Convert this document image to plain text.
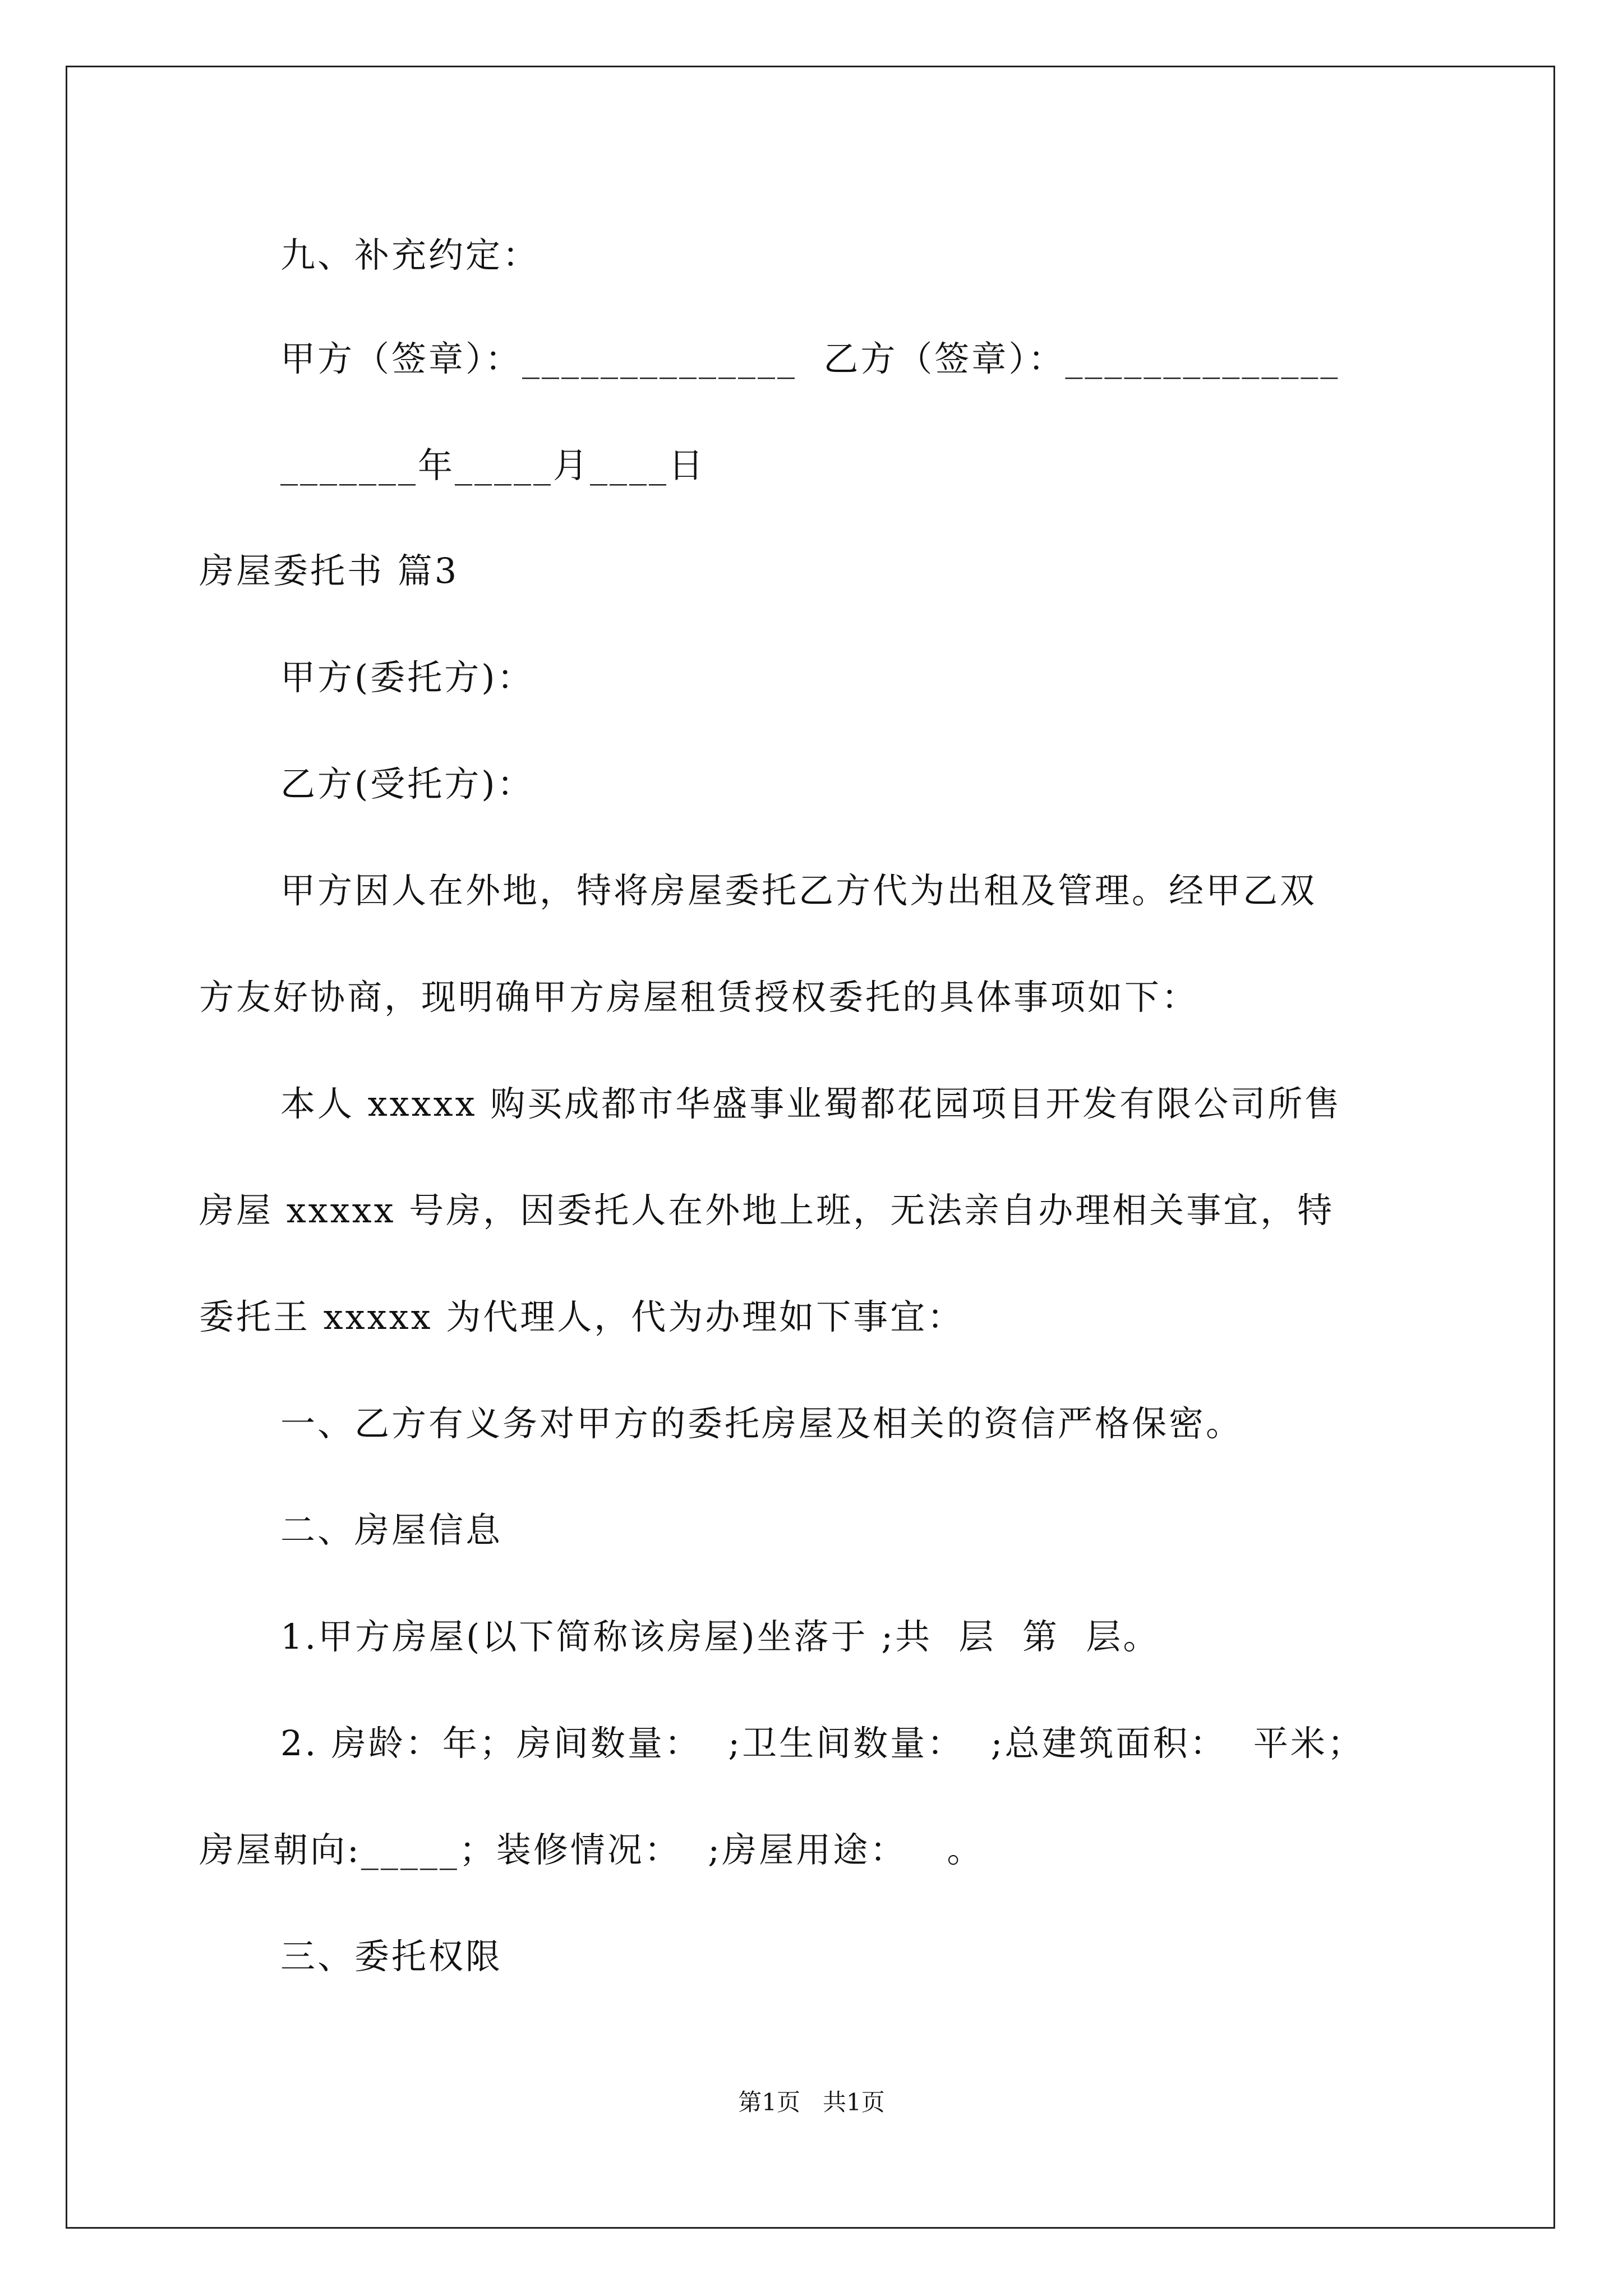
九、补充约定：
甲方（签章）：______________  乙方（签章）：______________
_______年_____月____日
房屋委托书 篇3
甲方(委托方)：
乙方(受托方)：
甲方因人在外地，特将房屋委托乙方代为出租及管理。经甲乙双
方友好协商，现明确甲方房屋租赁授权委托的具体事项如下：
本人 xxxxx 购买成都市华盛事业蜀都花园项目开发有限公司所售
房屋 xxxxx 号房，因委托人在外地上班，无法亲自办理相关事宜，特
委托王 xxxxx 为代理人，代为办理如下事宜：
一、乙方有义务对甲方的委托房屋及相关的资信严格保密。
二、房屋信息
1.甲方房屋(以下简称该房屋)坐落于 ;共  层  第  层。
2. 房龄：年；房间数量：  ;卫生间数量：  ;总建筑面积：  平米；
房屋朝向:_____；装修情况：  ;房屋用途：   。
三、委托权限
第1页   共1页
